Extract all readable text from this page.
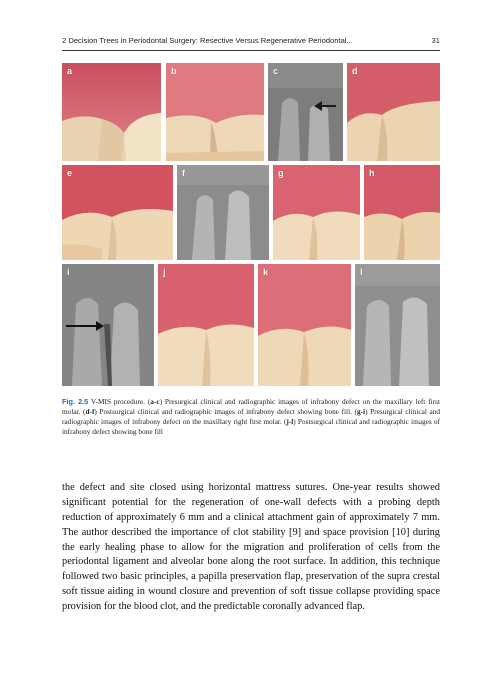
2 Decision Trees in Periodontal Surgery: Resective Versus Regenerative Periodontal...	31
a	b	c	d
e	f	g	h
i	j	k	l
Fig. 2.5 V-MIS procedure. (a-c) Presurgical clinical and radiographic images of infrabony defect on the maxillary left first molar. (d-f) Postsurgical clinical and radiographic images of infrabony defect showing bone fill. (g-i) Presurgical clinical and radiographic images of infrabony defect on the maxillary right first molar. (j-l) Postsurgical clinical and radiographic images of infrabony defect showing bone fill
the defect and site closed using horizontal mattress sutures. One-year results showed significant potential for the regeneration of one-wall defects with a probing depth reduction of approximately 6 mm and a clinical attachment gain of approximately 7 mm. The author described the importance of clot stability [9] and space provision [10] during the early healing phase to allow for the migration and proliferation of cells from the periodontal ligament and alveolar bone along the root surface. In addition, this technique followed two basic principles, a papilla preservation flap, preservation of the supra crestal soft tissue aiding in wound closure and prevention of soft tissue collapse providing space provision for the blood clot, and the predictable coronally advanced flap.
